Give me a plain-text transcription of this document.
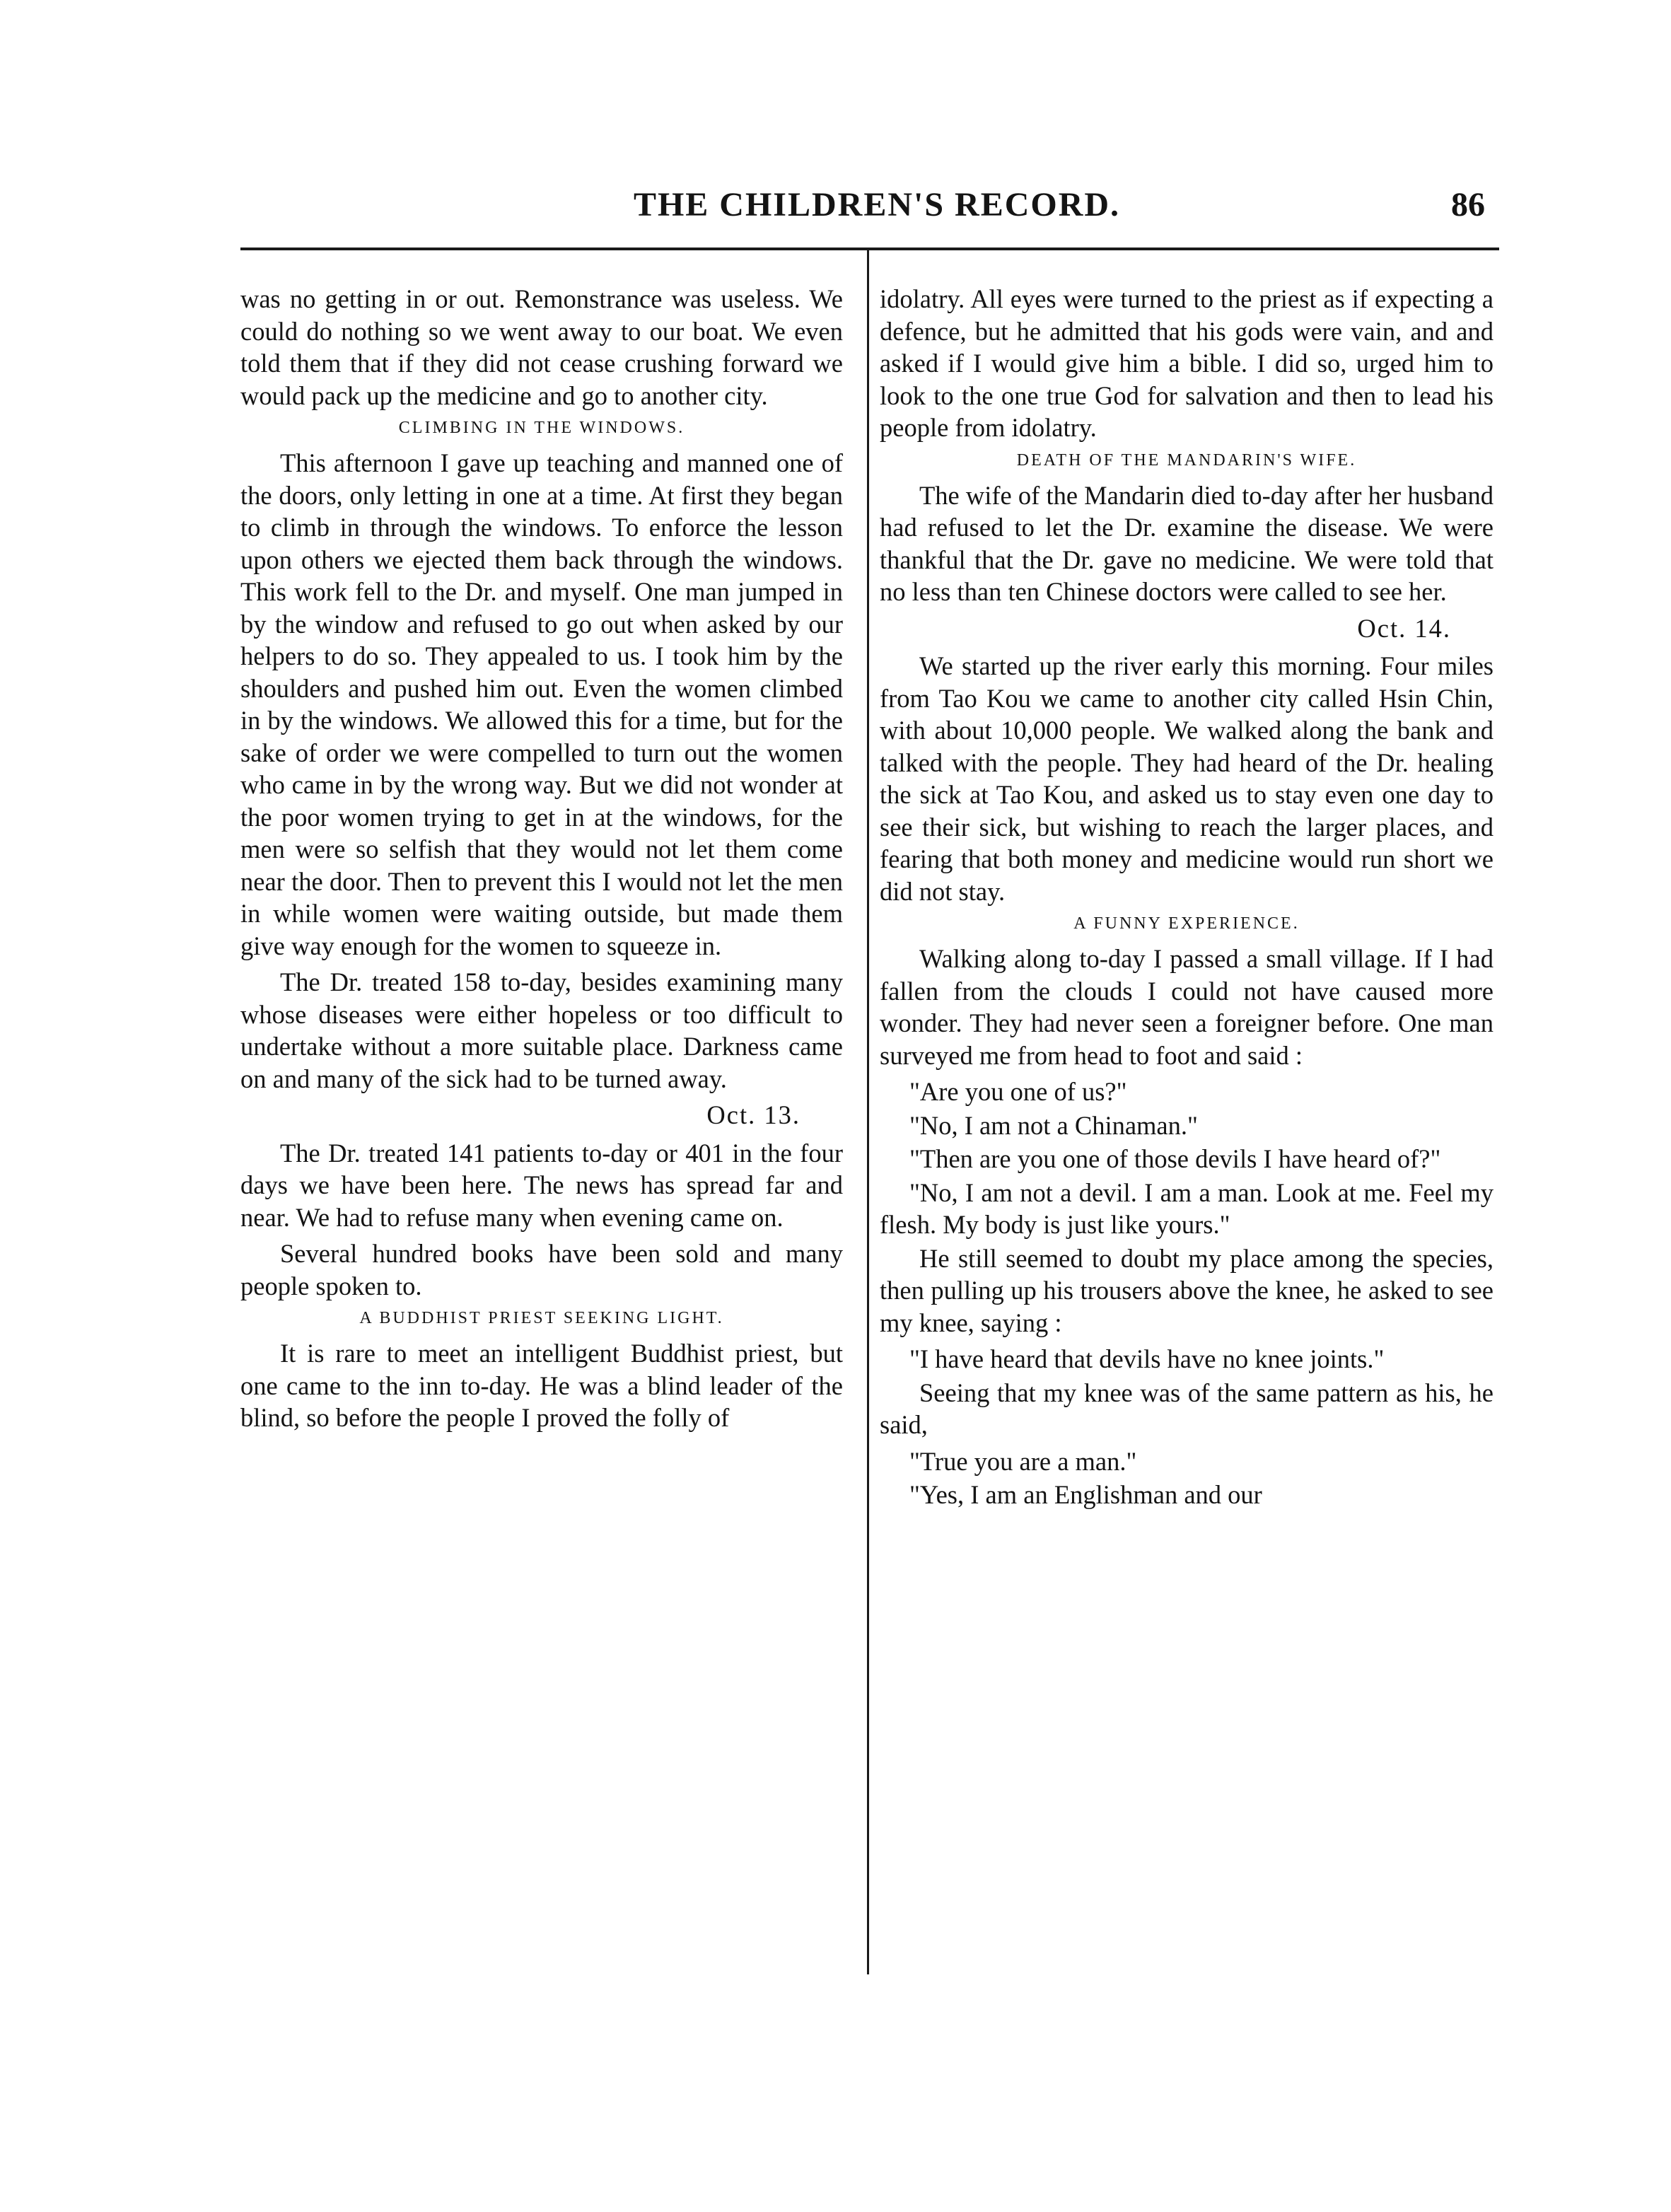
THE CHILDREN'S RECORD.	86

was no getting in or out. Remonstrance was useless. We could do nothing so we went away to our boat. We even told them that if they did not cease crushing forward we would pack up the medicine and go to another city.

CLIMBING IN THE WINDOWS.

This afternoon I gave up teaching and manned one of the doors, only letting in one at a time. At first they began to climb in through the windows. To enforce the lesson upon others we ejected them back through the windows. This work fell to the Dr. and myself. One man jumped in by the window and refused to go out when asked by our helpers to do so. They appealed to us. I took him by the shoulders and pushed him out. Even the women climbed in by the windows. We allowed this for a time, but for the sake of order we were compelled to turn out the women who came in by the wrong way. But we did not wonder at the poor women trying to get in at the windows, for the men were so selfish that they would not let them come near the door. Then to prevent this I would not let the men in while women were waiting outside, but made them give way enough for the women to squeeze in.

The Dr. treated 158 to-day, besides examining many whose diseases were either hopeless or too difficult to undertake without a more suitable place. Darkness came on and many of the sick had to be turned away.

Oct. 13.

The Dr. treated 141 patients to-day or 401 in the four days we have been here. The news has spread far and near. We had to refuse many when evening came on.

Several hundred books have been sold and many people spoken to.

A BUDDHIST PRIEST SEEKING LIGHT.

It is rare to meet an intelligent Buddhist priest, but one came to the inn to-day. He was a blind leader of the blind, so before the people I proved the folly of

idolatry. All eyes were turned to the priest as if expecting a defence, but he admitted that his gods were vain, and and asked if I would give him a bible. I did so, urged him to look to the one true God for salvation and then to lead his people from idolatry.

DEATH OF THE MANDARIN'S WIFE.

The wife of the Mandarin died to-day after her husband had refused to let the Dr. examine the disease. We were thankful that the Dr. gave no medicine. We were told that no less than ten Chinese doctors were called to see her.

Oct. 14.

We started up the river early this morning. Four miles from Tao Kou we came to another city called Hsin Chin, with about 10,000 people. We walked along the bank and talked with the people. They had heard of the Dr. healing the sick at Tao Kou, and asked us to stay even one day to see their sick, but wishing to reach the larger places, and fearing that both money and medicine would run short we did not stay.

A FUNNY EXPERIENCE.

Walking along to-day I passed a small village. If I had fallen from the clouds I could not have caused more wonder. They had never seen a foreigner before. One man surveyed me from head to foot and said :

"Are you one of us?"

"No, I am not a Chinaman."

"Then are you one of those devils I have heard of?"

"No, I am not a devil. I am a man. Look at me. Feel my flesh. My body is just like yours."

He still seemed to doubt my place among the species, then pulling up his trousers above the knee, he asked to see my knee, saying :

"I have heard that devils have no knee joints."

Seeing that my knee was of the same pattern as his, he said,

"True you are a man."

"Yes, I am an Englishman and our
